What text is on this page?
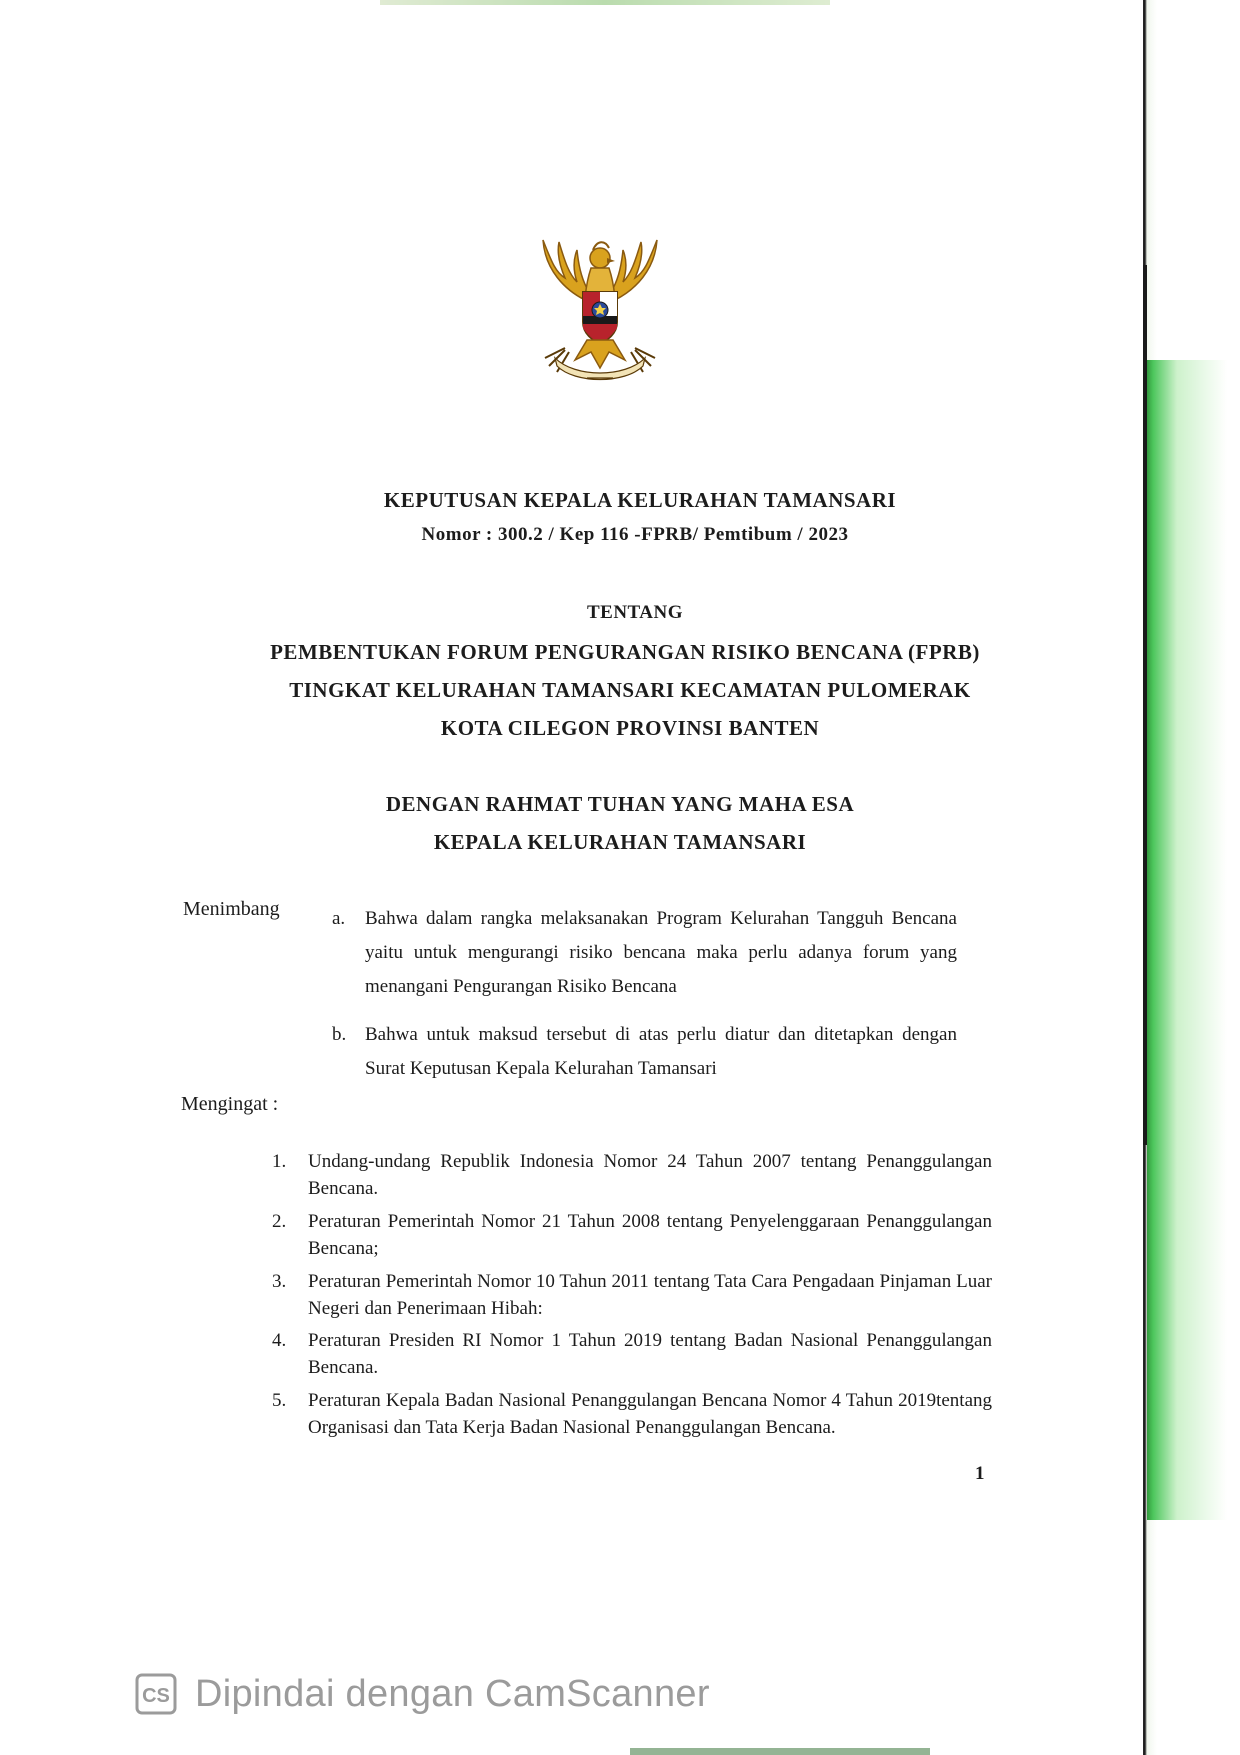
KEPUTUSAN KEPALA KELURAHAN TAMANSARI
Nomor : 300.2 / Kep 116 -FPRB/ Pemtibum / 2023
TENTANG
PEMBENTUKAN FORUM PENGURANGAN RISIKO BENCANA (FPRB)
TINGKAT KELURAHAN TAMANSARI KECAMATAN PULOMERAK
KOTA CILEGON PROVINSI BANTEN
DENGAN RAHMAT TUHAN YANG MAHA ESA
KEPALA KELURAHAN TAMANSARI
Menimbang	a. Bahwa dalam rangka melaksanakan Program Kelurahan Tangguh Bencana yaitu untuk mengurangi risiko bencana maka perlu adanya forum yang menangani Pengurangan Risiko Bencana
b. Bahwa untuk maksud tersebut di atas perlu diatur dan ditetapkan dengan Surat Keputusan Kepala Kelurahan Tamansari
Mengingat :
1. Undang-undang Republik Indonesia Nomor 24 Tahun 2007 tentang Penanggulangan Bencana.
2. Peraturan Pemerintah Nomor 21 Tahun 2008 tentang Penyelenggaraan Penanggulangan Bencana;
3. Peraturan Pemerintah Nomor 10 Tahun 2011 tentang Tata Cara Pengadaan Pinjaman Luar Negeri dan Penerimaan Hibah:
4. Peraturan Presiden RI Nomor 1 Tahun 2019 tentang Badan Nasional Penanggulangan Bencana.
5. Peraturan Kepala Badan Nasional Penanggulangan Bencana Nomor 4 Tahun 2019tentang Organisasi dan Tata Kerja Badan Nasional Penanggulangan Bencana.
1
CS Dipindai dengan CamScanner
